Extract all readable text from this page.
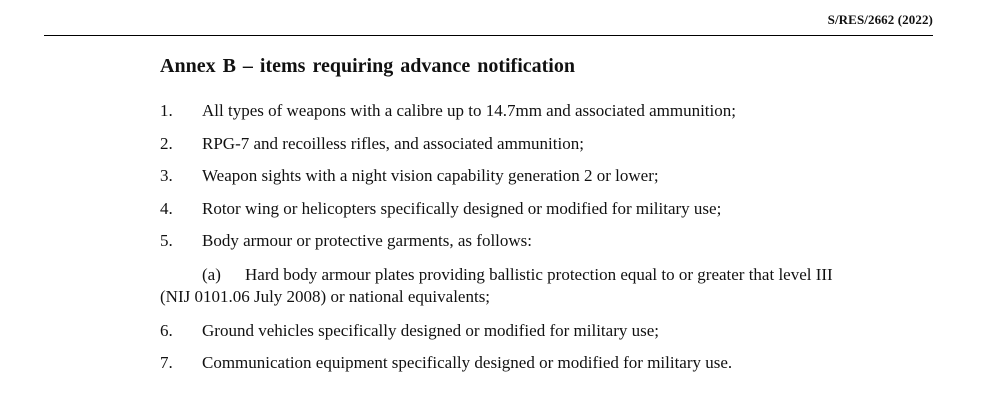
S/RES/2662 (2022)
Annex B – items requiring advance notification
1. All types of weapons with a calibre up to 14.7mm and associated ammunition;
2. RPG-7 and recoilless rifles, and associated ammunition;
3. Weapon sights with a night vision capability generation 2 or lower;
4. Rotor wing or helicopters specifically designed or modified for military use;
5. Body armour or protective garments, as follows:
(a) Hard body armour plates providing ballistic protection equal to or greater that level III (NIJ 0101.06 July 2008) or national equivalents;
6. Ground vehicles specifically designed or modified for military use;
7. Communication equipment specifically designed or modified for military use.
